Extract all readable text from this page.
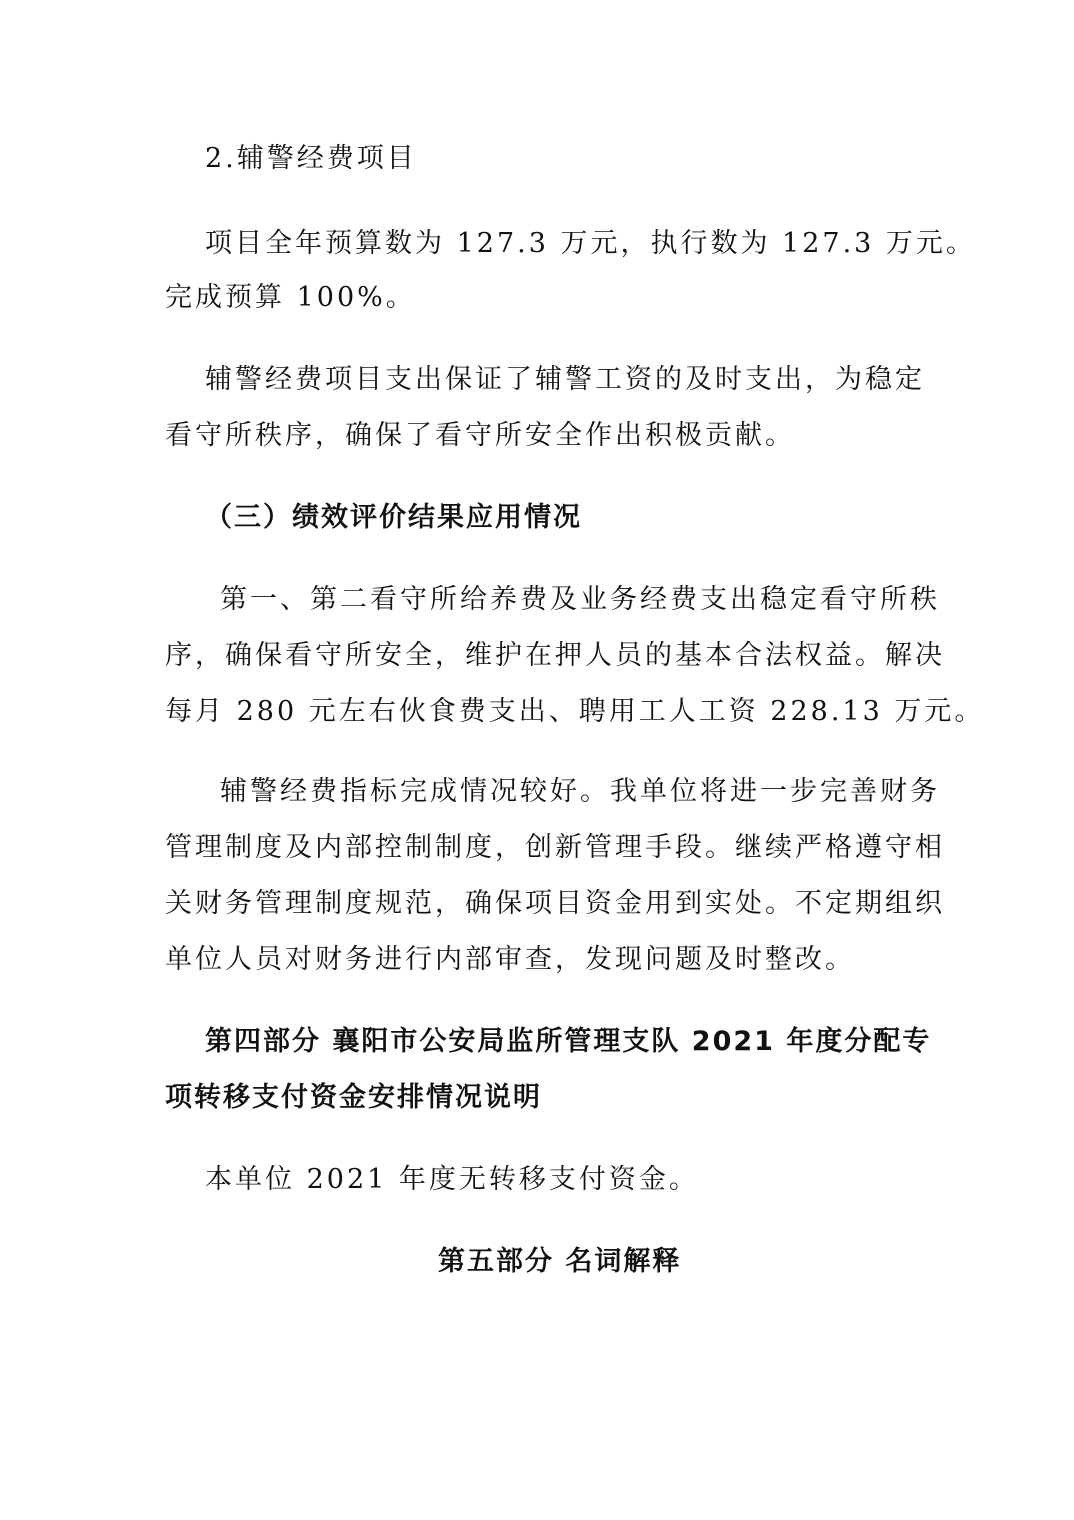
2.辅警经费项目
项目全年预算数为 127.3 万元，执行数为 127.3 万元。
完成预算 100%。
辅警经费项目支出保证了辅警工资的及时支出，为稳定
看守所秩序，确保了看守所安全作出积极贡献。
（三）绩效评价结果应用情况
第一、第二看守所给养费及业务经费支出稳定看守所秩
序，确保看守所安全，维护在押人员的基本合法权益。解决
每月 280 元左右伙食费支出、聘用工人工资 228.13 万元。
辅警经费指标完成情况较好。我单位将进一步完善财务
管理制度及内部控制制度，创新管理手段。继续严格遵守相
关财务管理制度规范，确保项目资金用到实处。不定期组织
单位人员对财务进行内部审查，发现问题及时整改。
第四部分 襄阳市公安局监所管理支队 2021 年度分配专
项转移支付资金安排情况说明
本单位 2021 年度无转移支付资金。
第五部分 名词解释
